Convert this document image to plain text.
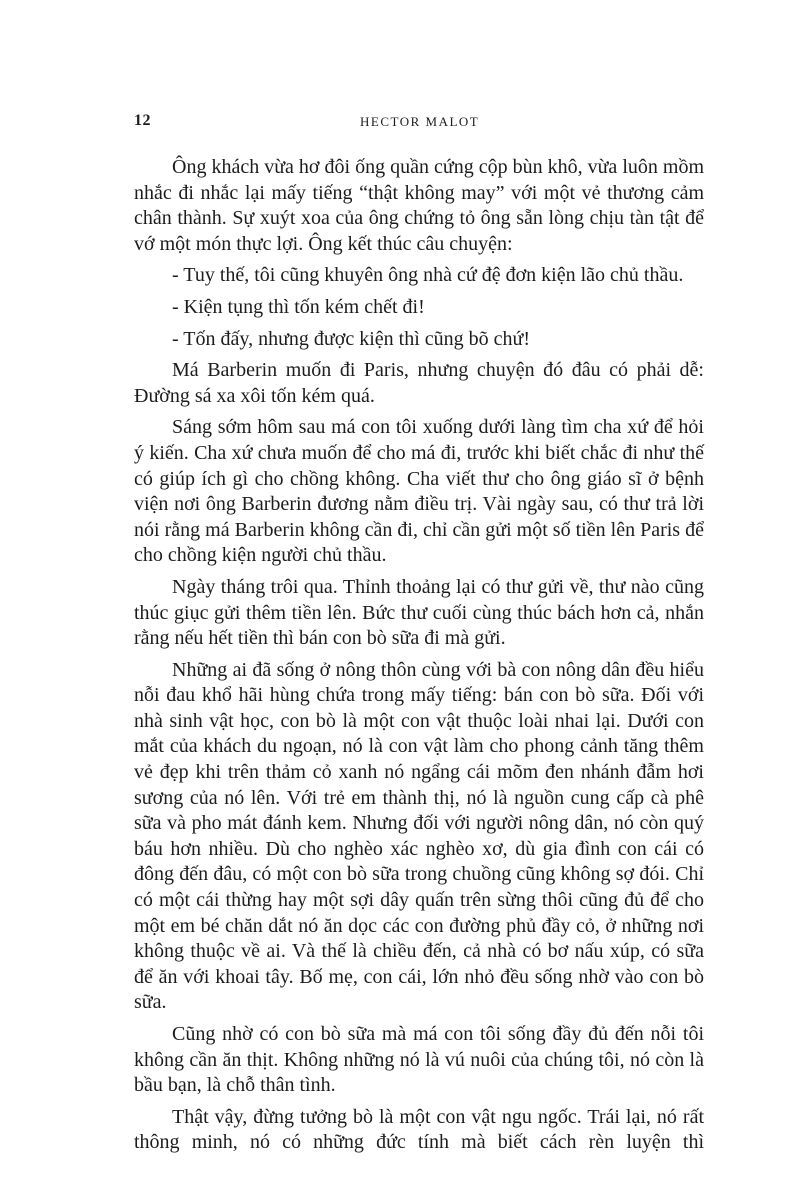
12	HECTOR MALOT

Ông khách vừa hơ đôi ống quần cứng cộp bùn khô, vừa luôn mồm nhắc đi nhắc lại mấy tiếng “thật không may” với một vẻ thương cảm chân thành. Sự xuýt xoa của ông chứng tỏ ông sẵn lòng chịu tàn tật để vớ một món thực lợi. Ông kết thúc câu chuyện:

- Tuy thế, tôi cũng khuyên ông nhà cứ đệ đơn kiện lão chủ thầu.

- Kiện tụng thì tốn kém chết đi!

- Tốn đấy, nhưng được kiện thì cũng bõ chứ!

Má Barberin muốn đi Paris, nhưng chuyện đó đâu có phải dễ: Đường sá xa xôi tốn kém quá.

Sáng sớm hôm sau má con tôi xuống dưới làng tìm cha xứ để hỏi ý kiến. Cha xứ chưa muốn để cho má đi, trước khi biết chắc đi như thế có giúp ích gì cho chồng không. Cha viết thư cho ông giáo sĩ ở bệnh viện nơi ông Barberin đương nằm điều trị. Vài ngày sau, có thư trả lời nói rằng má Barberin không cần đi, chỉ cần gửi một số tiền lên Paris để cho chồng kiện người chủ thầu.

Ngày tháng trôi qua. Thỉnh thoảng lại có thư gửi về, thư nào cũng thúc giục gửi thêm tiền lên. Bức thư cuối cùng thúc bách hơn cả, nhắn rằng nếu hết tiền thì bán con bò sữa đi mà gửi.

Những ai đã sống ở nông thôn cùng với bà con nông dân đều hiểu nỗi đau khổ hãi hùng chứa trong mấy tiếng: bán con bò sữa. Đối với nhà sinh vật học, con bò là một con vật thuộc loài nhai lại. Dưới con mắt của khách du ngoạn, nó là con vật làm cho phong cảnh tăng thêm vẻ đẹp khi trên thảm cỏ xanh nó ngẩng cái mõm đen nhánh đẫm hơi sương của nó lên. Với trẻ em thành thị, nó là nguồn cung cấp cà phê sữa và pho mát đánh kem. Nhưng đối với người nông dân, nó còn quý báu hơn nhiều. Dù cho nghèo xác nghèo xơ, dù gia đình con cái có đông đến đâu, có một con bò sữa trong chuồng cũng không sợ đói. Chỉ có một cái thừng hay một sợi dây quấn trên sừng thôi cũng đủ để cho một em bé chăn dắt nó ăn dọc các con đường phủ đầy cỏ, ở những nơi không thuộc về ai. Và thế là chiều đến, cả nhà có bơ nấu xúp, có sữa để ăn với khoai tây. Bố mẹ, con cái, lớn nhỏ đều sống nhờ vào con bò sữa.

Cũng nhờ có con bò sữa mà má con tôi sống đầy đủ đến nỗi tôi không cần ăn thịt. Không những nó là vú nuôi của chúng tôi, nó còn là bầu bạn, là chỗ thân tình.

Thật vậy, đừng tưởng bò là một con vật ngu ngốc. Trái lại, nó rất thông minh, nó có những đức tính mà biết cách rèn luyện thì
